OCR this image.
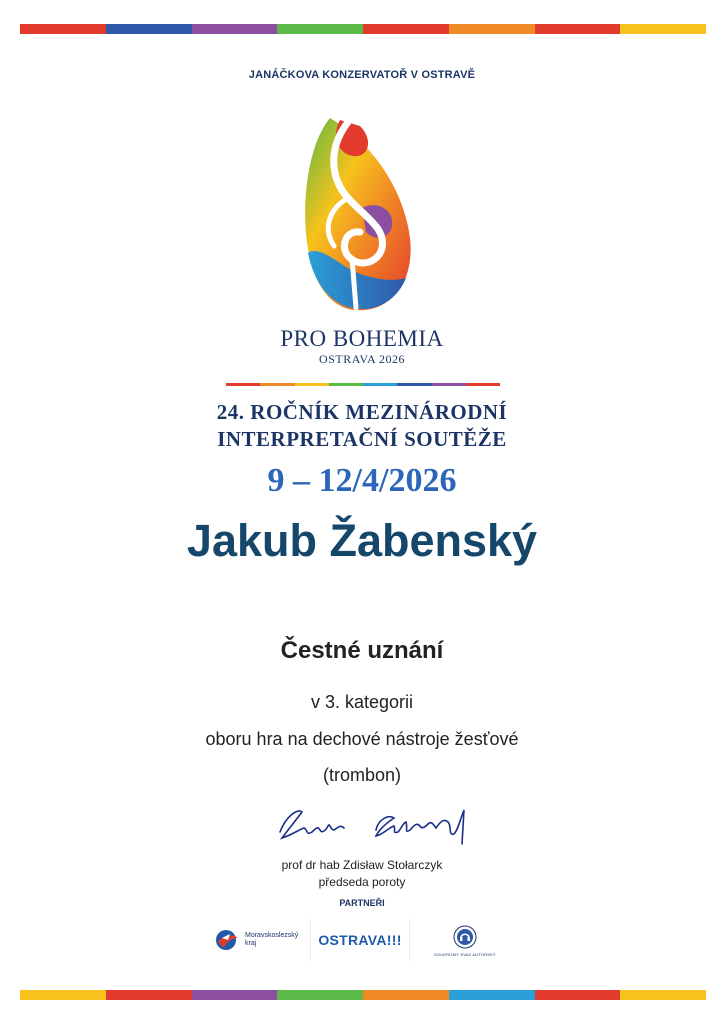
JANÁČKOVA KONZERVATOŘ V OSTRAVĚ
PRO BOHEMIA
OSTRAVA 2026
24. ROČNÍK MEZINÁRODNÍ
INTERPRETAČNÍ SOUTĚŽE
9 – 12/4/2026
Jakub Žabenský
Čestné uznání
v 3. kategorii
oboru hra na dechové nástroje žesťové
(trombon)
prof dr hab Zdisław Stołarczyk
předseda poroty
PARTNEŘI
Moravskoslezský kraj	OSTRAVA!!!
SOUKROMÝ SVAZ AUTORSKÝ
